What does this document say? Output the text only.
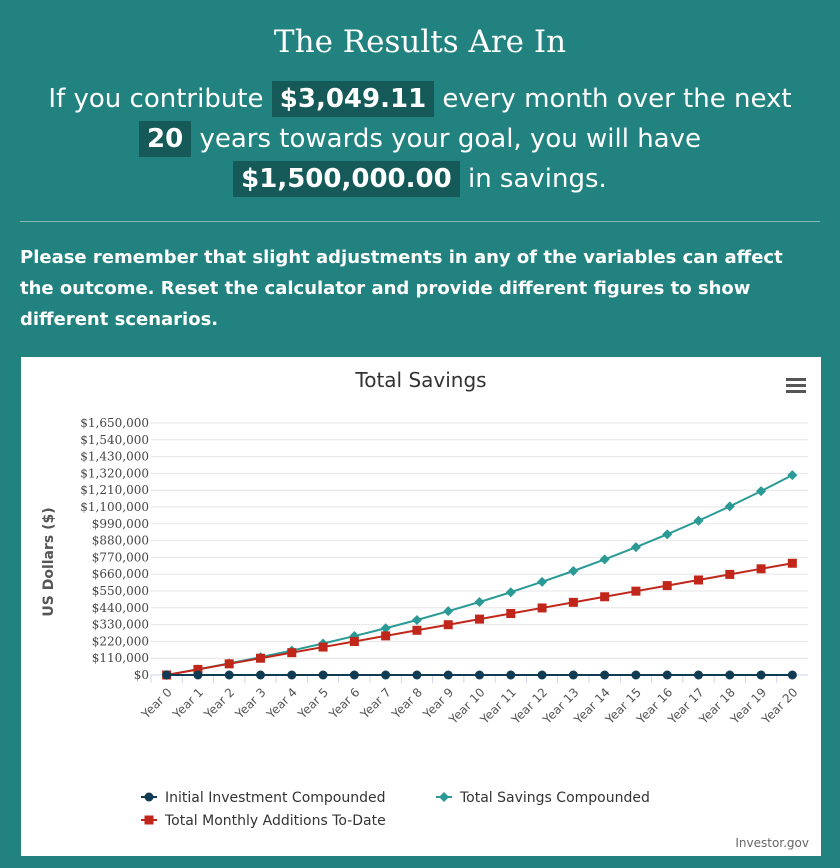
The Results Are In
If you contribute $3,049.11 every month over the next
20 years towards your goal, you will have
$1,500,000.00 in savings.
Please remember that slight adjustments in any of the variables can affect the outcome. Reset the calculator and provide different figures to show different scenarios.
Total Savings
US Dollars ($)
$0
$110,000
$220,000
$330,000
$440,000
$550,000
$660,000
$770,000
$880,000
$990,000
$1,100,000
$1,210,000
$1,320,000
$1,430,000
$1,540,000
$1,650,000
Year 0
Year 1
Year 2
Year 3
Year 4
Year 5
Year 6
Year 7
Year 8
Year 9
Year 10
Year 11
Year 12
Year 13
Year 14
Year 15
Year 16
Year 17
Year 18
Year 19
Year 20
Initial Investment Compounded	Total Savings Compounded
Total Monthly Additions To-Date
Investor.gov
